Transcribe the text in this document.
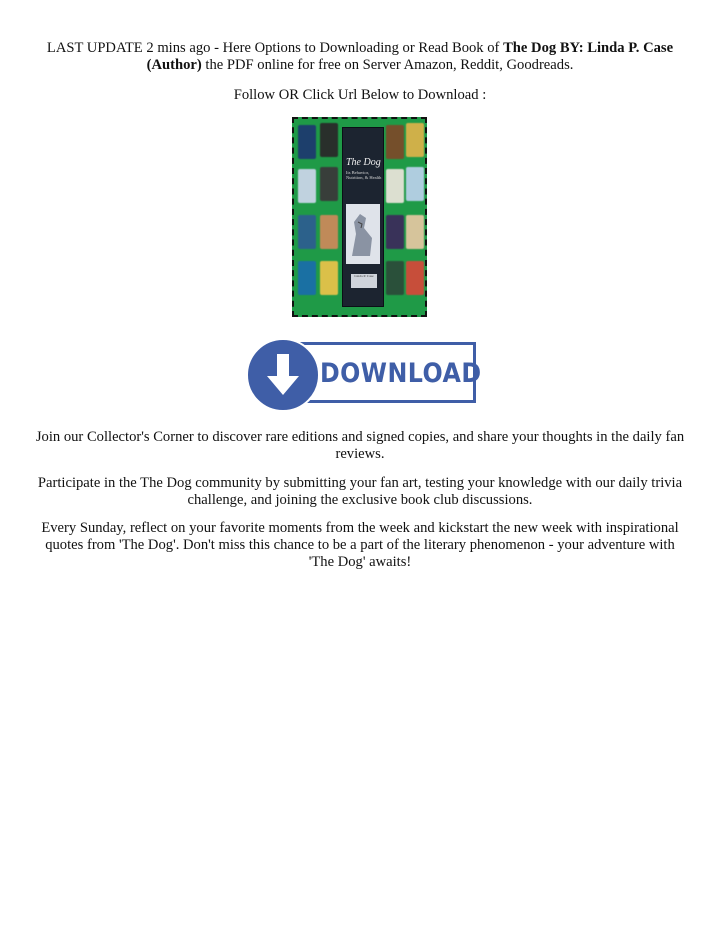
LAST UPDATE 2 mins ago - Here Options to Downloading or Read Book of The Dog BY: Linda P. Case (Author) the PDF online for free on Server Amazon, Reddit, Goodreads.

Follow OR Click Url Below to Download :

The Dog
Its Behavior, Nutrition, & Health
Linda P. Case
DOWNLOAD

Join our Collector's Corner to discover rare editions and signed copies, and share your thoughts in the daily fan reviews.

Participate in the The Dog community by submitting your fan art, testing your knowledge with our daily trivia challenge, and joining the exclusive book club discussions.

Every Sunday, reflect on your favorite moments from the week and kickstart the new week with inspirational quotes from 'The Dog'. Don't miss this chance to be a part of the literary phenomenon - your adventure with 'The Dog' awaits!
